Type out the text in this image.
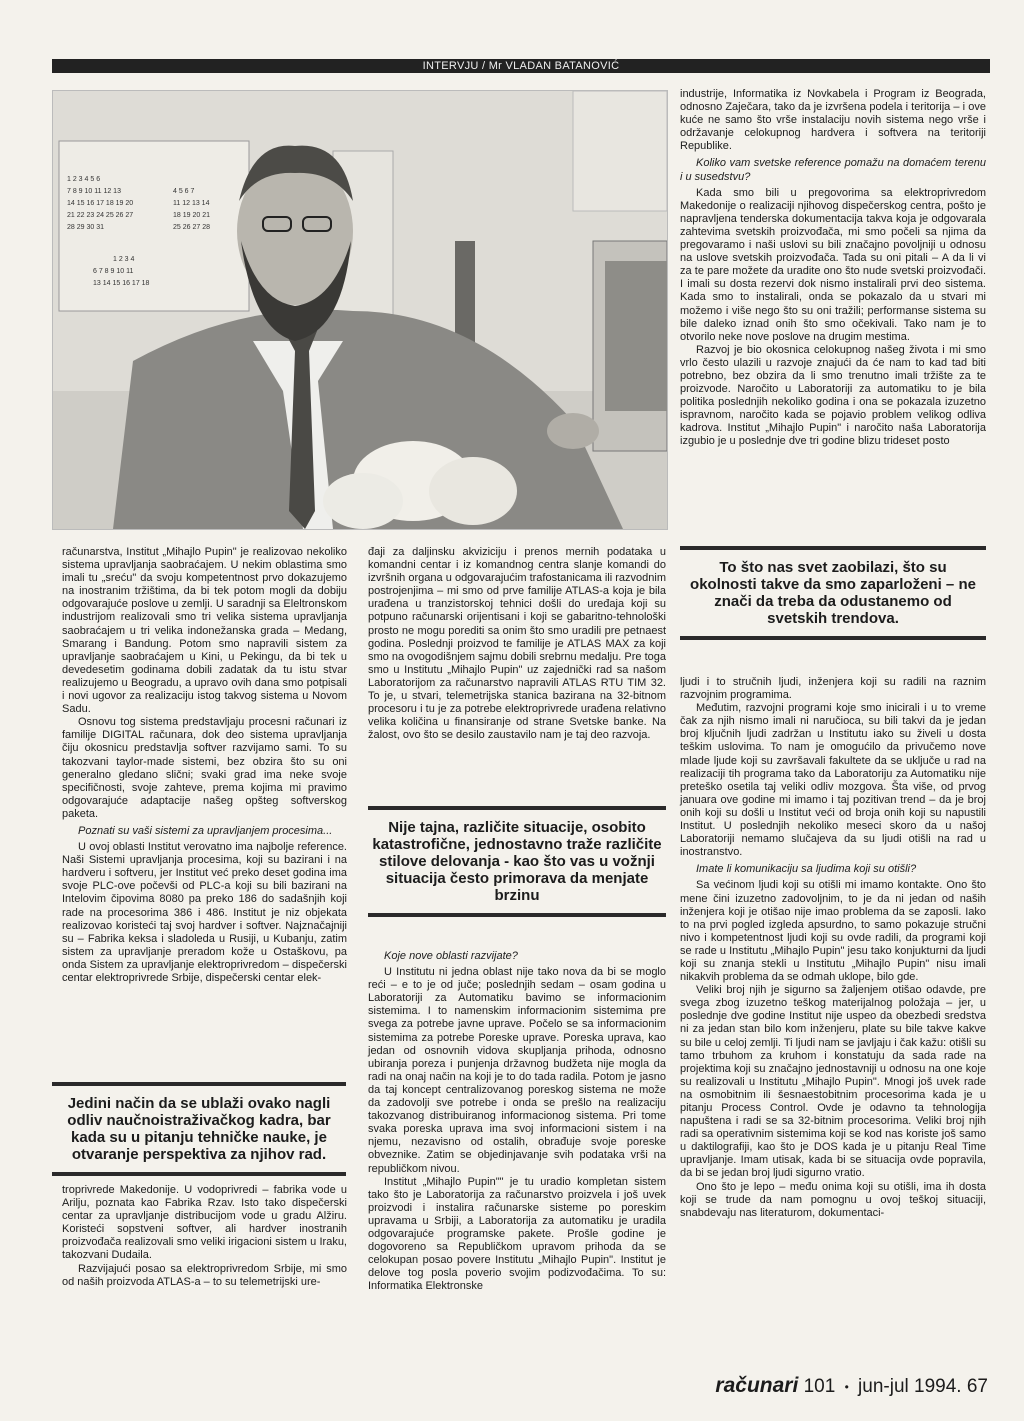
INTERVJU / Mr VLADAN BATANOVIĆ
1 2 3 4 5 6
7 8 9 10 11 12 13
14 15 16 17 18 19 20
21 22 23 24 25 26 27
28 29 30 31
4 5 6 7
11 12 13 14
18 19 20 21
25 26 27 28
1 2 3 4
6 7 8 9 10 11
13 14 15 16 17 18

industrije, Informatika iz Novkabela i Program iz Beograda, odnosno Zaječara, tako da je izvršena podela i teritorija – i ove kuće ne samo što vrše instalaciju novih sistema nego vrše i održavanje celokupnog hardvera i softvera na teritoriji Republike.

Koliko vam svetske reference pomažu na domaćem terenu i u susedstvu?

Kada smo bili u pregovorima sa elektroprivredom Makedonije o realizaciji njihovog dispečerskog centra, pošto je napravljena tenderska dokumentacija takva koja je odgovarala zahtevima svetskih proizvođača, mi smo počeli sa njima da pregovaramo i naši uslovi su bili značajno povoljniji u odnosu na uslove svetskih proizvođača. Tada su oni pitali – A da li vi za te pare možete da uradite ono što nude svetski proizvođači. I imali su dosta rezervi dok nismo instalirali prvi deo sistema. Kada smo to instalirali, onda se pokazalo da u stvari mi možemo i više nego što su oni tražili; performanse sistema su bile daleko iznad onih što smo očekivali. Tako nam je to otvorilo neke nove poslove na drugim mestima.

Razvoj je bio okosnica celokupnog našeg života i mi smo vrlo često ulazili u razvoje znajući da će nam to kad tad biti potrebno, bez obzira da li smo trenutno imali tržište za te proizvode. Naročito u Laboratoriji za automatiku to je bila politika poslednjih nekoliko godina i ona se pokazala izuzetno ispravnom, naročito kada se pojavio problem velikog odliva kadrova. Institut „Mihajlo Pupin" i naročito naša Laboratorija izgubio je u poslednje dve tri godine blizu trideset posto

računarstva, Institut „Mihajlo Pupin" je realizovao nekoliko sistema upravljanja saobraćajem. U nekim oblastima smo imali tu „sreću" da svoju kompetentnost prvo dokazujemo na inostranim tržištima, da bi tek potom mogli da dobiju odgovarajuće poslove u zemlji. U saradnji sa Eleltronskom industrijom realizovali smo tri velika sistema upravljanja saobraćajem u tri velika indonežanska grada – Medang, Smarang i Bandung. Potom smo napravili sistem za upravljanje saobraćajem u Kini, u Pekingu, da bi tek u devedesetim godinama dobili zadatak da tu istu stvar realizujemo u Beogradu, a upravo ovih dana smo potpisali i novi ugovor za realizaciju istog takvog sistema u Novom Sadu.

Osnovu tog sistema predstavljaju procesni računari iz familije DIGITAL računara, dok deo sistema upravljanja čiju okosnicu predstavlja softver razvijamo sami. To su takozvani taylor-made sistemi, bez obzira što su oni generalno gledano slični; svaki grad ima neke svoje specifičnosti, svoje zahteve, prema kojima mi pravimo odgovarajuće adaptacije našeg opšteg softverskog paketa.

Poznati su vaši sistemi za upravljanjem procesima...

U ovoj oblasti Institut verovatno ima najbolje reference. Naši Sistemi upravljanja procesima, koji su bazirani i na hardveru i softveru, jer Institut već preko deset godina ima svoje PLC-ove počevši od PLC-a koji su bili bazirani na Intelovim čipovima 8080 pa preko 186 do sadašnjih koji rade na procesorima 386 i 486. Institut je niz objekata realizovao koristeći taj svoj hardver i softver. Najznačajniji su – Fabrika keksa i sladoleda u Rusiji, u Kubanju, zatim sistem za upravljanje preradom kože u Ostaškovu, pa onda Sistem za upravljanje elektroprivredom – dispečerski centar elektroprivrede Srbije, dispečerski centar elek-

Jedini način da se ublaži ovako nagli odliv naučnoistraživačkog kadra, bar kada su u pitanju tehničke nauke, je otvaranje perspektiva za njihov rad.

troprivrede Makedonije. U vodoprivredi – fabrika vode u Arilju, poznata kao Fabrika Rzav. Isto tako dispečerski centar za upravljanje distribucijom vode u gradu Alžiru. Koristeći sopstveni softver, ali hardver inostranih proizvođača realizovali smo veliki irigacioni sistem u Iraku, takozvani Dudaila.

Razvijajući posao sa elektroprivredom Srbije, mi smo od naših proizvoda ATLAS-a – to su telemetrijski ure-

đaji za daljinsku akviziciju i prenos mernih podataka u komandni centar i iz komandnog centra slanje komandi do izvršnih organa u odgovarajućim trafostanicama ili razvodnim postrojenjima – mi smo od prve familije ATLAS-a koja je bila urađena u tranzistorskoj tehnici došli do uređaja koji su potpuno računarski orijentisani i koji se gabaritno-tehnološki prosto ne mogu porediti sa onim što smo uradili pre petnaest godina. Poslednji proizvod te familije je ATLAS MAX za koji smo na ovogodišnjem sajmu dobili srebrnu medalju. Pre toga smo u Institutu „Mihajlo Pupin" uz zajednički rad sa našom Laboratorijom za računarstvo napravili ATLAS RTU TIM 32. To je, u stvari, telemetrijska stanica bazirana na 32-bitnom procesoru i tu je za potrebe elektroprivrede urađena relativno velika količina u finansiranje od strane Svetske banke. Na žalost, ovo što se desilo zaustavilo nam je taj deo razvoja.

Nije tajna, različite situacije, osobito katastrofične, jednostavno traže različite stilove delovanja - kao što vas u vožnji situacija često primorava da menjate brzinu

Koje nove oblasti razvijate?

U Institutu ni jedna oblast nije tako nova da bi se moglo reći – e to je od juče; poslednjih sedam – osam godina u Laboratoriji za Automatiku bavimo se informacionim sistemima. I to namenskim informacionim sistemima pre svega za potrebe javne uprave. Počelo se sa informacionim sistemima za potrebe Poreske uprave. Poreska uprava, kao jedan od osnovnih vidova skupljanja prihoda, odnosno ubiranja poreza i punjenja državnog budžeta nije mogla da radi na onaj način na koji je to do tada radila. Potom je jasno da taj koncept centralizovanog poreskog sistema ne može da zadovolji sve potrebe i onda se prešlo na realizaciju takozvanog distribuiranog informacionog sistema. Pri tome svaka poreska uprava ima svoj informacioni sistem i na njemu, nezavisno od ostalih, obrađuje svoje poreske obveznike. Zatim se objedinjavanje svih podataka vrši na republičkom nivou.

Institut „Mihajlo Pupin"" je tu uradio kompletan sistem tako što je Laboratorija za računarstvo proizvela i još uvek proizvodi i instalira računarske sisteme po poreskim upravama u Srbiji, a Laboratorija za automatiku je uradila odgovarajuće programske pakete. Prošle godine je dogovoreno sa Republičkom upravom prihoda da se celokupan posao povere Institutu „Mihajlo Pupin". Institut je delove tog posla poverio svojim podizvođačima. To su: Informatika Elektronske

To što nas svet zaobilazi, što su okolnosti takve da smo zaparloženi – ne znači da treba da odustanemo od svetskih trendova.

ljudi i to stručnih ljudi, inženjera koji su radili na raznim razvojnim programima.

Međutim, razvojni programi koje smo inicirali i u to vreme čak za njih nismo imali ni naručioca, su bili takvi da je jedan broj ključnih ljudi zadržan u Institutu iako su živeli u dosta teškim uslovima. To nam je omogućilo da privučemo nove mlade ljude koji su završavali fakultete da se uključe u rad na realizaciji tih programa tako da Laboratoriju za Automatiku nije preteško osetila taj veliki odliv mozgova. Šta više, od prvog januara ove godine mi imamo i taj pozitivan trend – da je broj onih koji su došli u Institut veći od broja onih koji su napustili Institut. U poslednjih nekoliko meseci skoro da u našoj Laboratoriji nemamo slučajeva da su ljudi otišli na rad u inostranstvo.

Imate li komunikaciju sa ljudima koji su otišli?

Sa većinom ljudi koji su otišli mi imamo kontakte. Ono što mene čini izuzetno zadovoljnim, to je da ni jedan od naših inženjera koji je otišao nije imao problema da se zaposli. Iako to na prvi pogled izgleda apsurdno, to samo pokazuje stručni nivo i kompetentnost ljudi koji su ovde radili, da programi koji se rade u Institutu „Mihajlo Pupin" jesu tako konjukturni da ljudi koji su znanja stekli u Institutu „Mihajlo Pupin" nisu imali nikakvih problema da se odmah uklope, bilo gde.

Veliki broj njih je sigurno sa žaljenjem otišao odavde, pre svega zbog izuzetno teškog materijalnog položaja – jer, u poslednje dve godine Institut nije uspeo da obezbedi sredstva ni za jedan stan bilo kom inženjeru, plate su bile takve kakve su bile u celoj zemlji. Ti ljudi nam se javljaju i čak kažu: otišli su tamo trbuhom za kruhom i konstatuju da sada rade na projektima koji su značajno jednostavniji u odnosu na one koje su realizovali u Institutu „Mihajlo Pupin". Mnogi još uvek rade na osmobitnim ili šesnaestobitnim procesorima kada je u pitanju Process Control. Ovde je odavno ta tehnologija napuštena i radi se sa 32-bitnim procesorima. Veliki broj njih radi sa operativnim sistemima koji se kod nas koriste još samo u daktilografiji, kao što je DOS kada je u pitanju Real Time upravljanje. Imam utisak, kada bi se situacija ovde popravila, da bi se jedan broj ljudi sigurno vratio.

Ono što je lepo – među onima koji su otišli, ima ih dosta koji se trude da nam pomognu u ovoj teškoj situaciji, snabdevaju nas literaturom, dokumentaci-

računari 101 • jun-jul 1994. 67
